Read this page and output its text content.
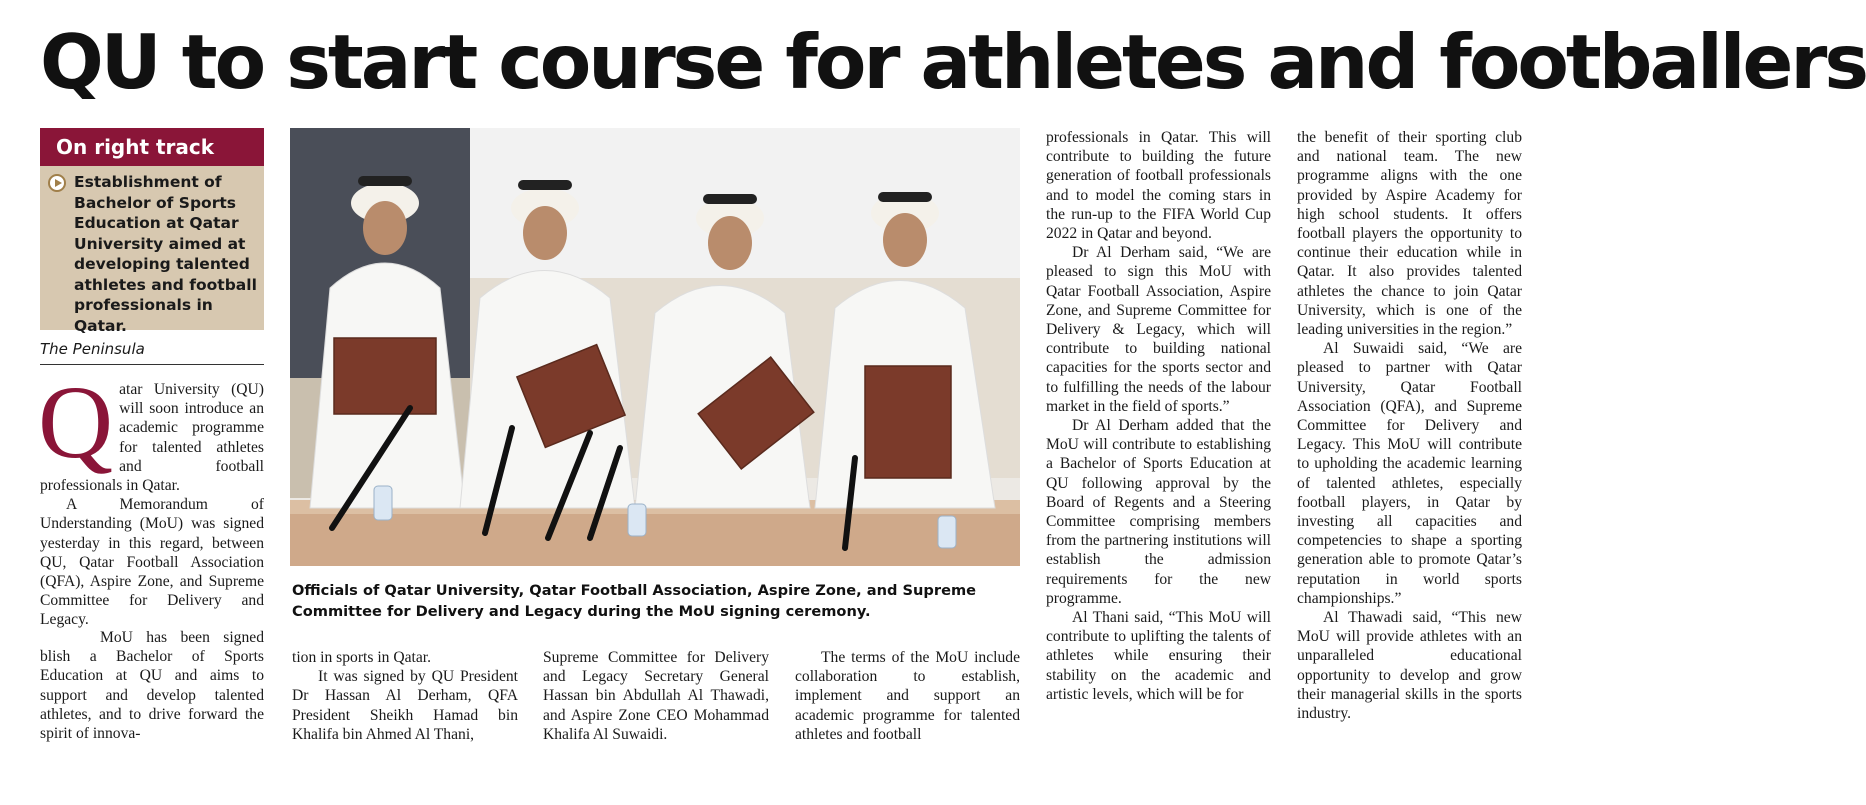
QU to start course for athletes and footballers
On right track
Establishment of Bachelor of Sports Education at Qatar University aimed at developing talented athletes and football professionals in Qatar.
The Peninsula

Qatar University (QU) will soon introduce an academic programme for talented athletes and football professionals in Qatar.

A Memorandum of Understanding (MoU) was signed yesterday in this regard, between QU, Qatar Football Association (QFA), Aspire Zone, and Supreme Committee for Delivery and Legacy.

Officials of Qatar University, Qatar Football Association, Aspire Zone, and Supreme Committee for Delivery and Legacy during the MoU signing ceremony.

MoU has been signed blish a Bachelor of Sports Education at QU and aims to support and develop talented athletes, and to drive forward the spirit of innova-

tion in sports in Qatar.

It was signed by QU President Dr Hassan Al Derham, QFA President Sheikh Hamad bin Khalifa bin Ahmed Al Thani,

Supreme Committee for Delivery and Legacy Secretary General Hassan bin Abdullah Al Thawadi, and Aspire Zone CEO Mohammad Khalifa Al Suwaidi.

The terms of the MoU include collaboration to establish, implement and support an academic programme for talented athletes and football

professionals in Qatar. This will contribute to building the future generation of football professionals and to model the coming stars in the run-up to the FIFA World Cup 2022 in Qatar and beyond.

Dr Al Derham said, “We are pleased to sign this MoU with Qatar Football Association, Aspire Zone, and Supreme Committee for Delivery & Legacy, which will contribute to building national capacities for the sports sector and to fulfilling the needs of the labour market in the field of sports.”

Dr Al Derham added that the MoU will contribute to establishing a Bachelor of Sports Education at QU following approval by the Board of Regents and a Steering Committee comprising members from the partnering institutions will establish the admission requirements for the new programme.

Al Thani said, “This MoU will contribute to uplifting the talents of athletes while ensuring their stability on the academic and artistic levels, which will be for

the benefit of their sporting club and national team. The new programme aligns with the one provided by Aspire Academy for high school students. It offers football players the opportunity to continue their education while in Qatar. It also provides talented athletes the chance to join Qatar University, which is one of the leading universities in the region.”

Al Suwaidi said, “We are pleased to partner with Qatar University, Qatar Football Association (QFA), and Supreme Committee for Delivery and Legacy. This MoU will contribute to upholding the academic learning of talented athletes, especially football players, in Qatar by investing all capacities and competencies to shape a sporting generation able to promote Qatar’s reputation in world sports championships.”

Al Thawadi said, “This new MoU will provide athletes with an unparalleled educational opportunity to develop and grow their managerial skills in the sports industry.
